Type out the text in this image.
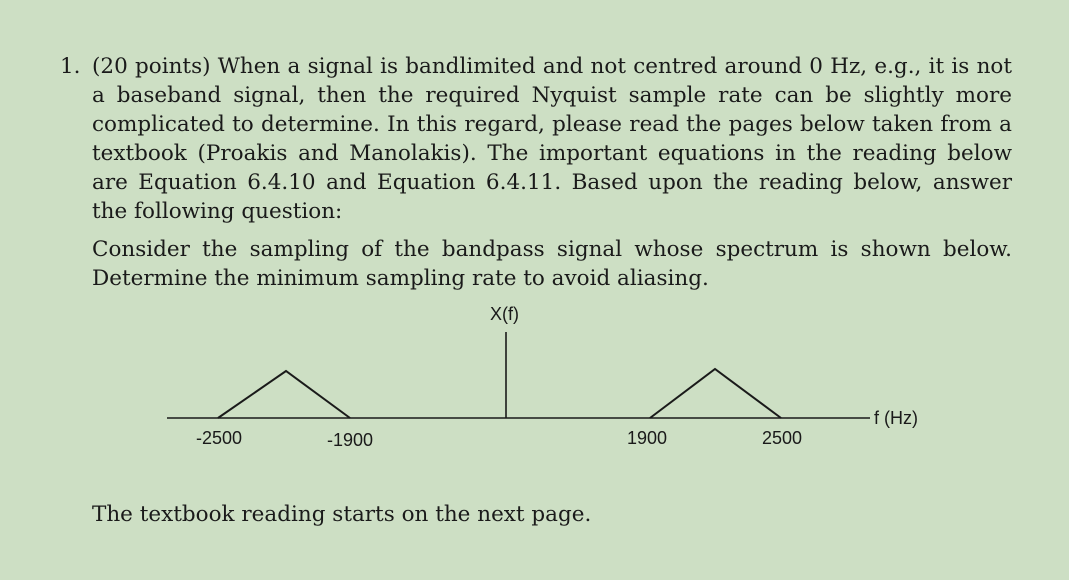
1. (20 points) When a signal is bandlimited and not centred around 0 Hz, e.g., it is not a baseband signal, then the required Nyquist sample rate can be slightly more complicated to determine. In this regard, please read the pages below taken from a textbook (Proakis and Manolakis). The important equations in the reading below are Equation 6.4.10 and Equation 6.4.11. Based upon the reading below, answer the following question:
Consider the sampling of the bandpass signal whose spectrum is shown below. Determine the minimum sampling rate to avoid aliasing.
X(f)
f (Hz)
-2500	-1900	1900	2500
The textbook reading starts on the next page.
